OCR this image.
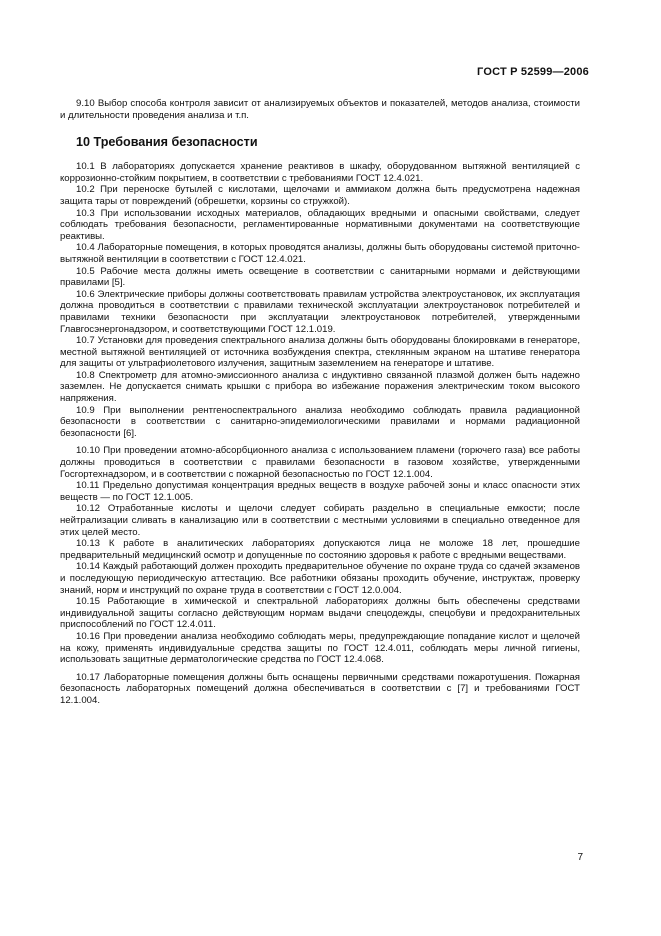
ГОСТ Р 52599—2006

9.10 Выбор способа контроля зависит от анализируемых объектов и показателей, методов анализа, стоимости и длительности проведения анализа и т.п.

10 Требования безопасности

10.1 В лабораториях допускается хранение реактивов в шкафу, оборудованном вытяжной вентиляцией с коррозионно-стойким покрытием, в соответствии с требованиями ГОСТ 12.4.021.

10.2 При переноске бутылей с кислотами, щелочами и аммиаком должна быть предусмотрена надежная защита тары от повреждений (обрешетки, корзины со стружкой).

10.3 При использовании исходных материалов, обладающих вредными и опасными свойствами, следует соблюдать требования безопасности, регламентированные нормативными документами на соответствующие реактивы.

10.4 Лабораторные помещения, в которых проводятся анализы, должны быть оборудованы системой приточно-вытяжной вентиляции в соответствии с ГОСТ 12.4.021.

10.5 Рабочие места должны иметь освещение в соответствии с санитарными нормами и действующими правилами [5].

10.6 Электрические приборы должны соответствовать правилам устройства электроустановок, их эксплуатация должна проводиться в соответствии с правилами технической эксплуатации электроустановок потребителей и правилами техники безопасности при эксплуатации электроустановок потребителей, утвержденными Главгосэнергонадзором, и соответствующими ГОСТ 12.1.019.

10.7 Установки для проведения спектрального анализа должны быть оборудованы блокировками в генераторе, местной вытяжной вентиляцией от источника возбуждения спектра, стеклянным экраном на штативе генератора для защиты от ультрафиолетового излучения, защитным заземлением на генераторе и штативе.

10.8 Спектрометр для атомно-эмиссионного анализа с индуктивно связанной плазмой должен быть надежно заземлен. Не допускается снимать крышки с прибора во избежание поражения электрическим током высокого напряжения.

10.9 При выполнении рентгеноспектрального анализа необходимо соблюдать правила радиационной безопасности в соответствии с санитарно-эпидемиологическими правилами и нормами радиационной безопасности [6].

10.10 При проведении атомно-абсорбционного анализа с использованием пламени (горючего газа) все работы должны проводиться в соответствии с правилами безопасности в газовом хозяйстве, утвержденными Госгортехнадзором, и в соответствии с пожарной безопасностью по ГОСТ 12.1.004.

10.11 Предельно допустимая концентрация вредных веществ в воздухе рабочей зоны и класс опасности этих веществ — по ГОСТ 12.1.005.

10.12 Отработанные кислоты и щелочи следует собирать раздельно в специальные емкости; после нейтрализации сливать в канализацию или в соответствии с местными условиями в специально отведенное для этих целей место.

10.13 К работе в аналитических лабораториях допускаются лица не моложе 18 лет, прошедшие предварительный медицинский осмотр и допущенные по состоянию здоровья к работе с вредными веществами.

10.14 Каждый работающий должен проходить предварительное обучение по охране труда со сдачей экзаменов и последующую периодическую аттестацию. Все работники обязаны проходить обучение, инструктаж, проверку знаний, норм и инструкций по охране труда в соответствии с ГОСТ 12.0.004.

10.15 Работающие в химической и спектральной лабораториях должны быть обеспечены средствами индивидуальной защиты согласно действующим нормам выдачи спецодежды, спецобуви и предохранительных приспособлений по ГОСТ 12.4.011.

10.16 При проведении анализа необходимо соблюдать меры, предупреждающие попадание кислот и щелочей на кожу, применять индивидуальные средства защиты по ГОСТ 12.4.011, соблюдать меры личной гигиены, использовать защитные дерматологические средства по ГОСТ 12.4.068.

10.17 Лабораторные помещения должны быть оснащены первичными средствами пожаротушения. Пожарная безопасность лабораторных помещений должна обеспечиваться в соответствии с [7] и требованиями ГОСТ 12.1.004.

7
